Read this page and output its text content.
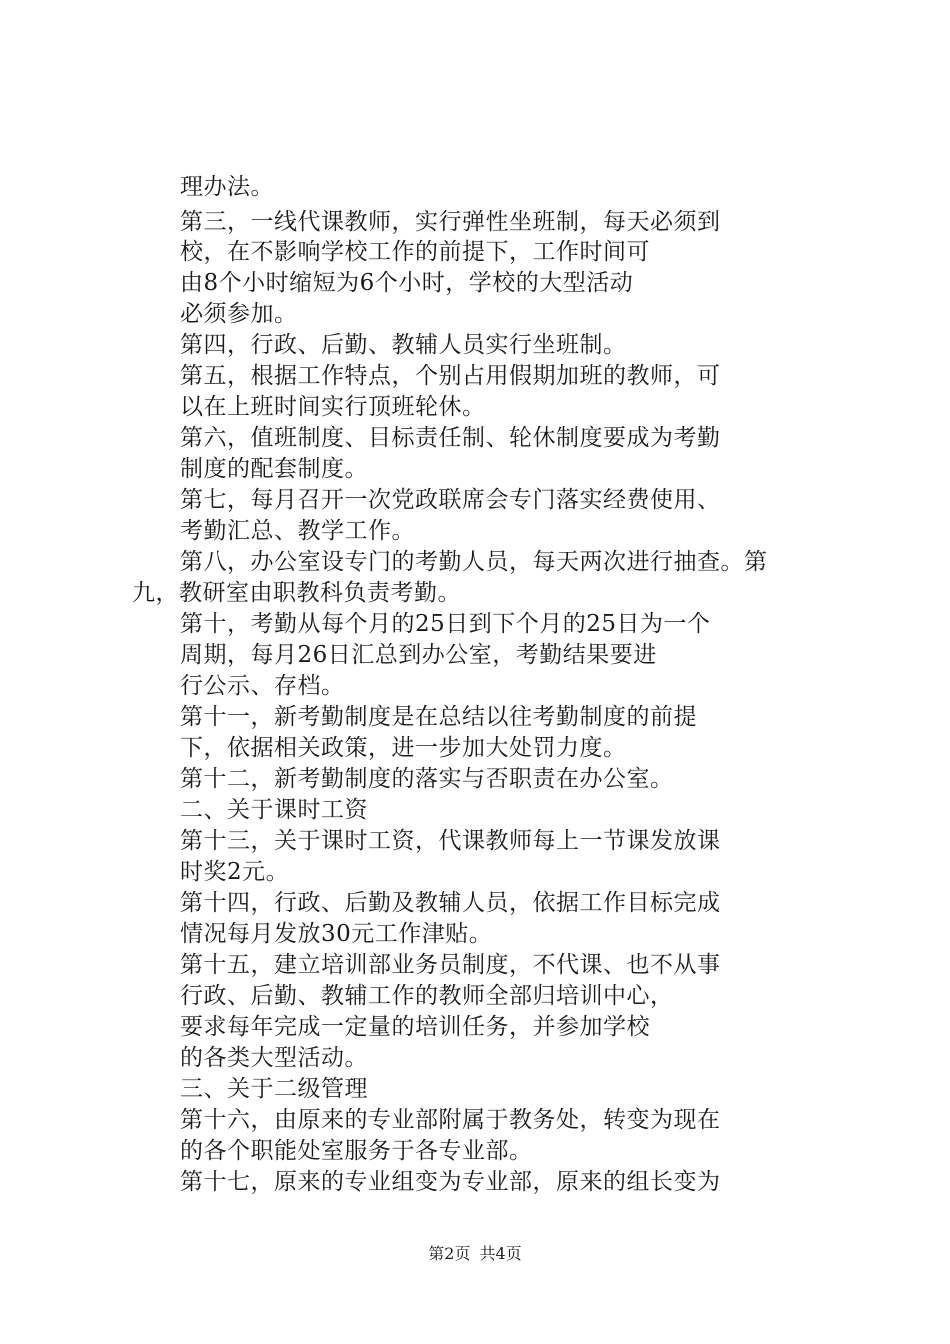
理办法。
第三，一线代课教师，实行弹性坐班制，每天必须到
校，在不影响学校工作的前提下，工作时间可
由8个小时缩短为6个小时，学校的大型活动
必须参加。
第四，行政、后勤、教辅人员实行坐班制。
第五，根据工作特点，个别占用假期加班的教师，可
以在上班时间实行顶班轮休。
第六，值班制度、目标责任制、轮休制度要成为考勤
制度的配套制度。
第七，每月召开一次党政联席会专门落实经费使用、
考勤汇总、教学工作。
第八，办公室设专门的考勤人员，每天两次进行抽查。第
九，教研室由职教科负责考勤。
第十，考勤从每个月的25日到下个月的25日为一个
周期，每月26日汇总到办公室，考勤结果要进
行公示、存档。
第十一，新考勤制度是在总结以往考勤制度的前提
下，依据相关政策，进一步加大处罚力度。
第十二，新考勤制度的落实与否职责在办公室。
二、关于课时工资
第十三，关于课时工资，代课教师每上一节课发放课
时奖2元。
第十四，行政、后勤及教辅人员，依据工作目标完成
情况每月发放30元工作津贴。
第十五，建立培训部业务员制度，不代课、也不从事
行政、后勤、教辅工作的教师全部归培训中心，
要求每年完成一定量的培训任务，并参加学校
的各类大型活动。
三、关于二级管理
第十六，由原来的专业部附属于教务处，转变为现在
的各个职能处室服务于各专业部。
第十七，原来的专业组变为专业部，原来的组长变为
第2页 共4页
